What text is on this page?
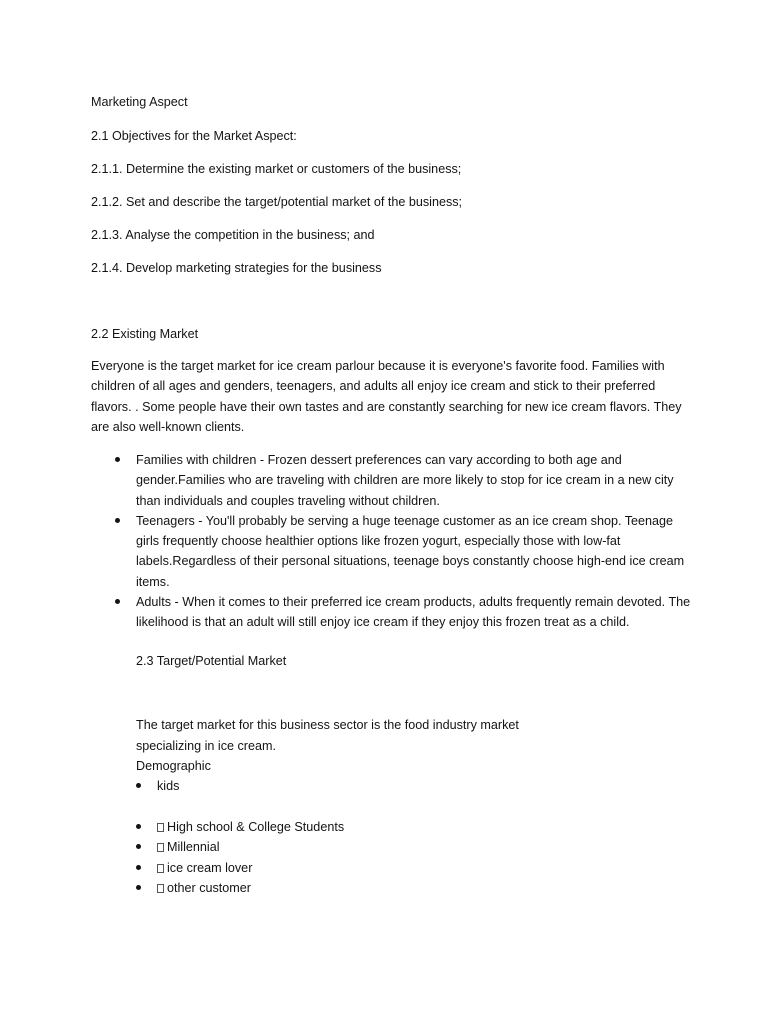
Marketing Aspect

2.1 Objectives for the Market Aspect:

2.1.1. Determine the existing market or customers of the business;

2.1.2. Set and describe the target/potential market of the business;

2.1.3. Analyse the competition in the business; and

2.1.4. Develop marketing strategies for the business

2.2 Existing Market

Everyone is the target market for ice cream parlour because it is everyone's favorite food. Families with children of all ages and genders, teenagers, and adults all enjoy ice cream and stick to their preferred flavors. . Some people have their own tastes and are constantly searching for new ice cream flavors. They are also well-known clients.

Families with children - Frozen dessert preferences can vary according to both age and gender.Families who are traveling with children are more likely to stop for ice cream in a new city than individuals and couples traveling without children.
Teenagers - You'll probably be serving a huge teenage customer as an ice cream shop. Teenage girls frequently choose healthier options like frozen yogurt, especially those with low-fat labels.Regardless of their personal situations, teenage boys constantly choose high-end ice cream items.
Adults - When it comes to their preferred ice cream products, adults frequently remain devoted. The likelihood is that an adult will still enjoy ice cream if they enjoy this frozen treat as a child.

2.3 Target/Potential Market

The target market for this business sector is the food industry market

specializing in ice cream.

Demographic

kids
High school & College Students
Millennial
ice cream lover
other customer
